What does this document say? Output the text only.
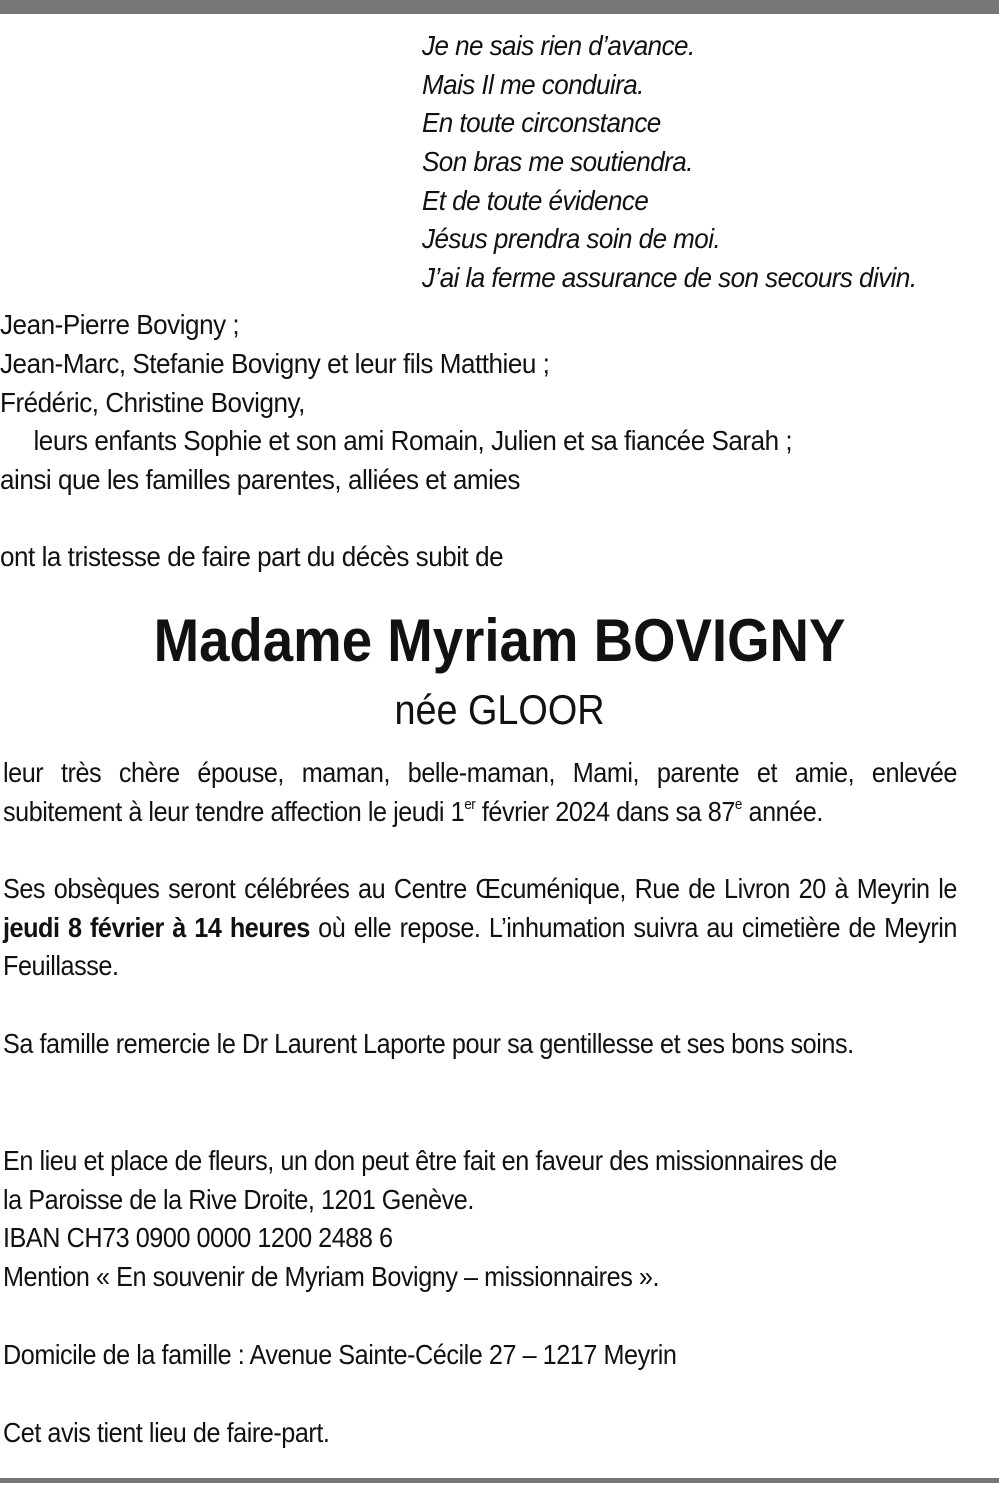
Je ne sais rien d’avance.
Mais Il me conduira.
En toute circonstance
Son bras me soutiendra.
Et de toute évidence
Jésus prendra soin de moi.
J’ai la ferme assurance de son secours divin.
Jean-Pierre Bovigny ;
Jean-Marc, Stefanie Bovigny et leur fils Matthieu ;
Frédéric, Christine Bovigny,
leurs enfants Sophie et son ami Romain, Julien et sa fiancée Sarah ;
ainsi que les familles parentes, alliées et amies
ont la tristesse de faire part du décès subit de
Madame Myriam BOVIGNY
née GLOOR
leur très chère épouse, maman, belle-maman, Mami, parente et amie, enlevée subitement à leur tendre affection le jeudi 1er février 2024 dans sa 87e année.
Ses obsèques seront célébrées au Centre Œcuménique, Rue de Livron 20 à Meyrin le jeudi 8 février à 14 heures où elle repose. L’inhumation suivra au cimetière de Meyrin Feuillasse.
Sa famille remercie le Dr Laurent Laporte pour sa gentillesse et ses bons soins.
En lieu et place de fleurs, un don peut être fait en faveur des missionnaires de
la Paroisse de la Rive Droite, 1201 Genève.
IBAN CH73 0900 0000 1200 2488 6
Mention « En souvenir de Myriam Bovigny – missionnaires ».
Domicile de la famille : Avenue Sainte-Cécile 27 – 1217 Meyrin
Cet avis tient lieu de faire-part.
